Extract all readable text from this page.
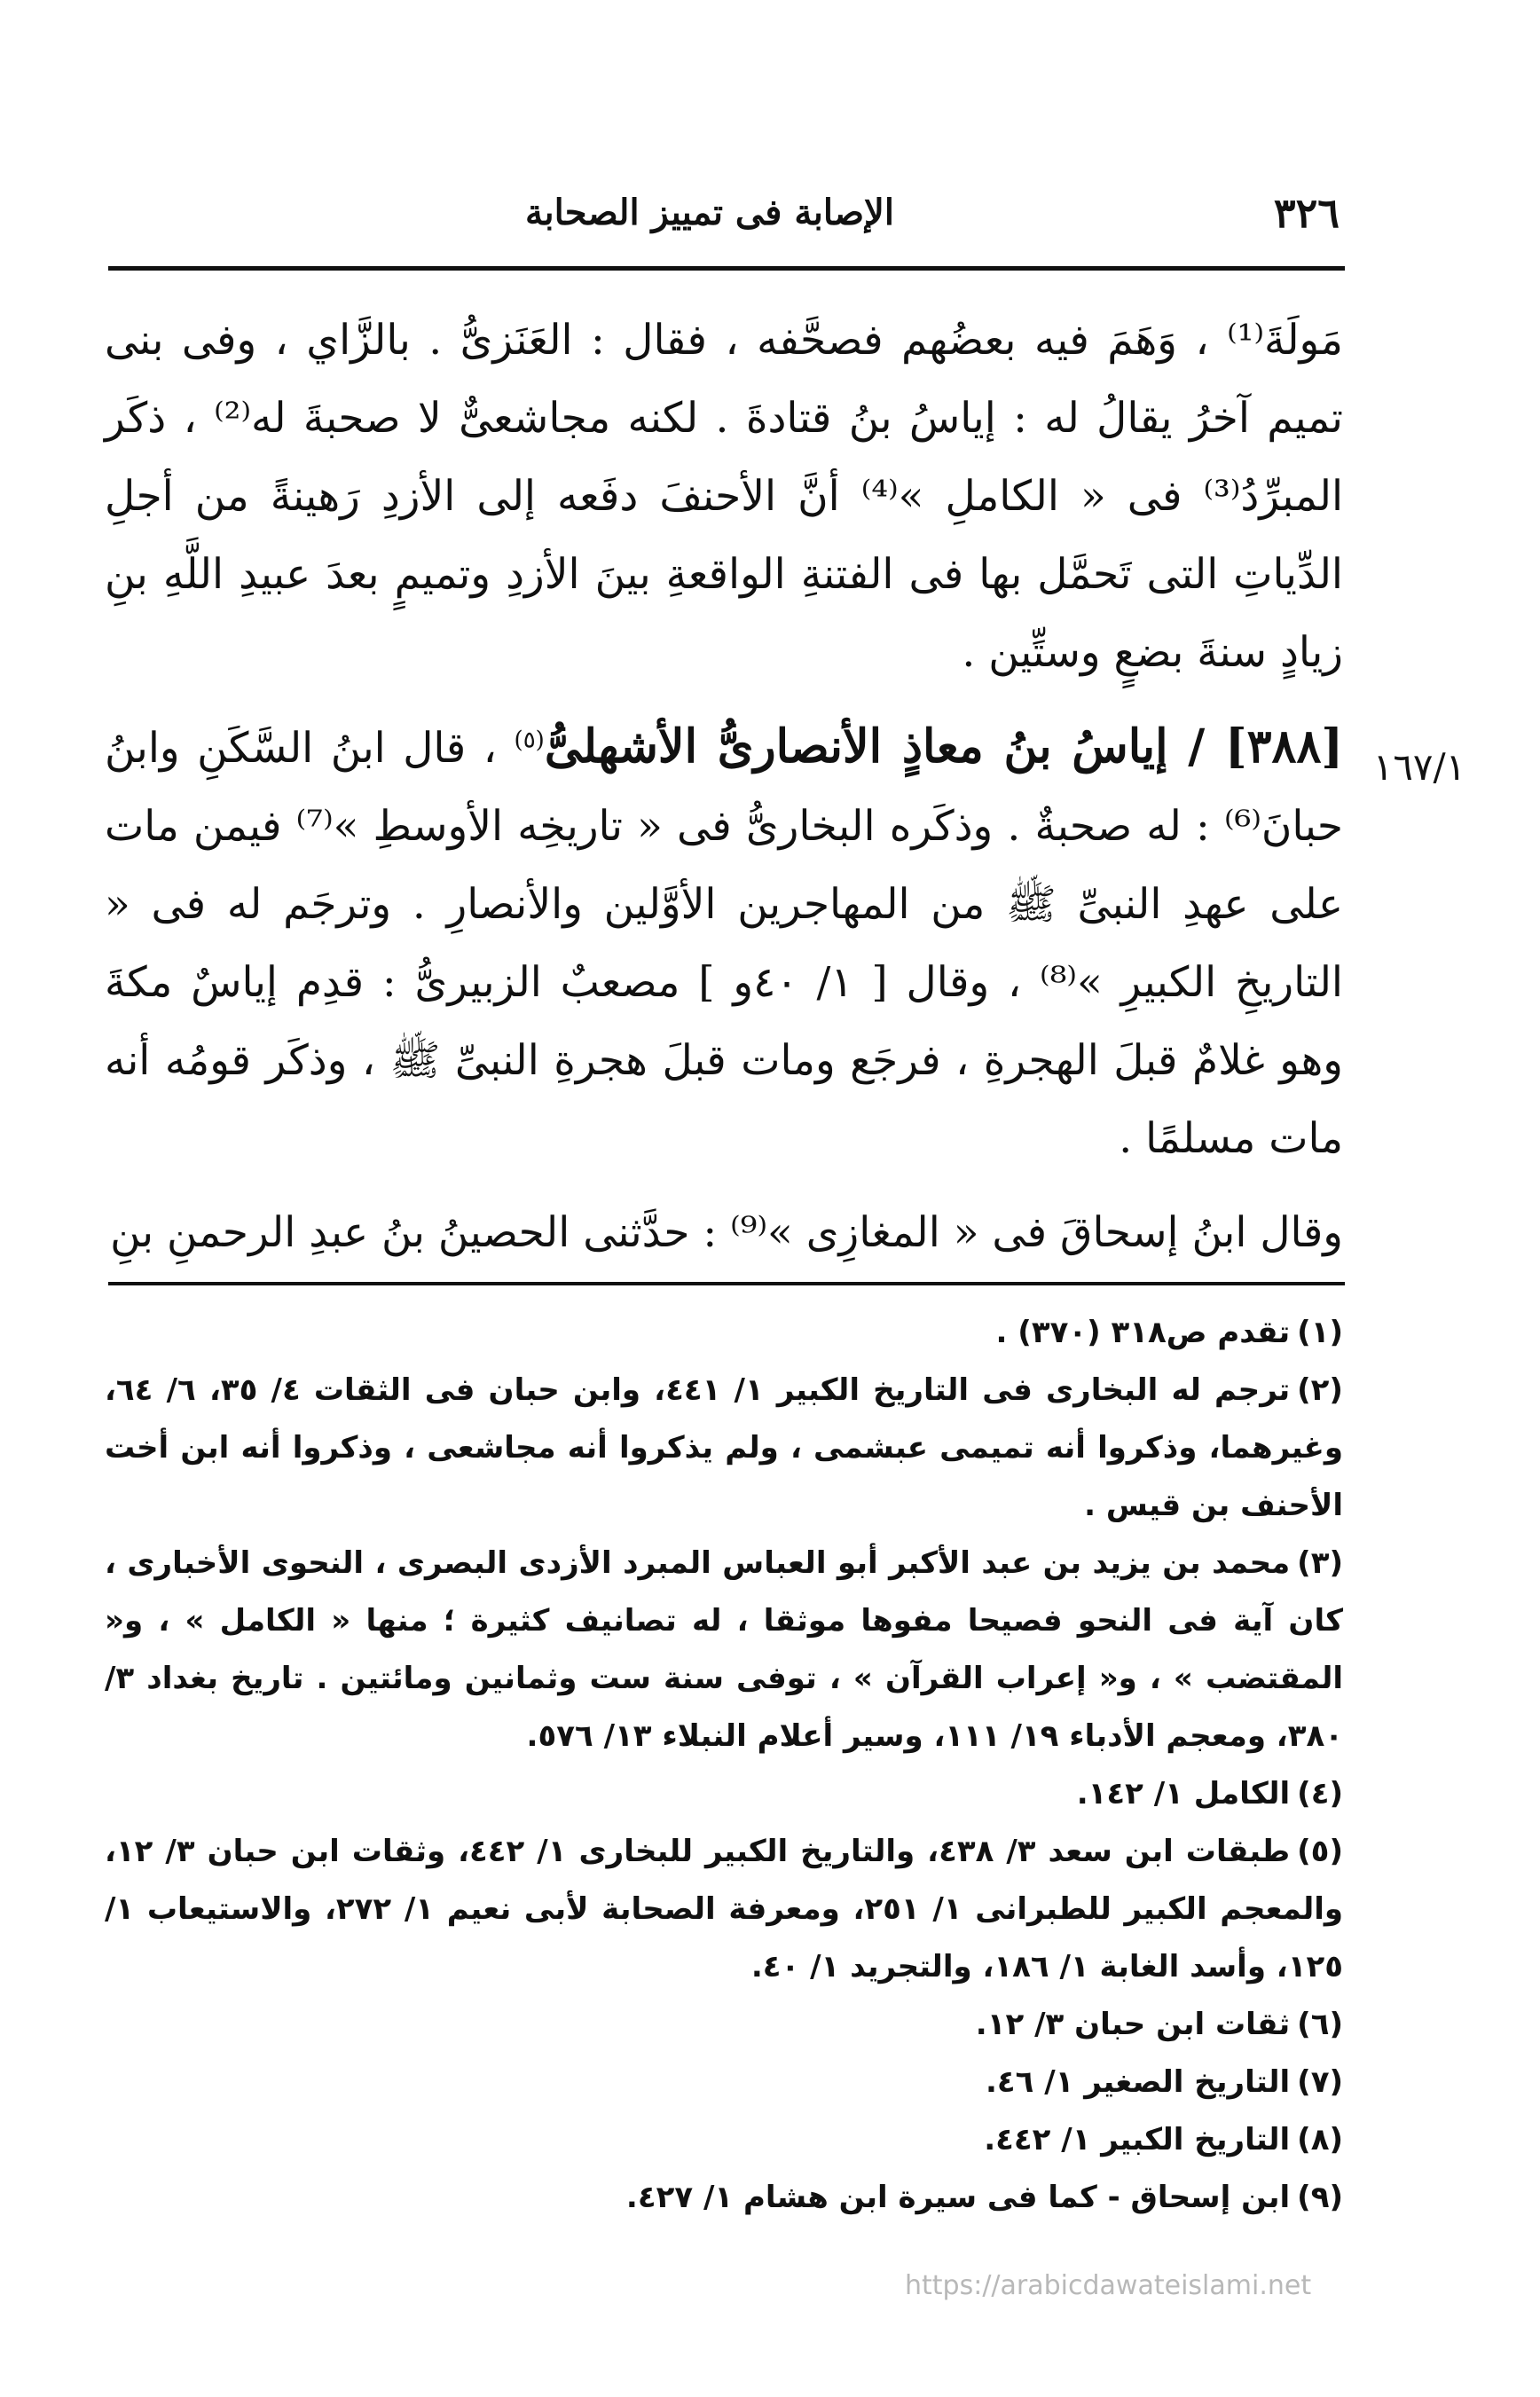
٣٢٦
الإصابة فى تمييز الصحابة
١٦٧/١

مَولَةَ⁽¹⁾ ، وَهَمَ فيه بعضُهم فصحَّفه ، فقال : العَنَزىُّ . بالزَّاي ، وفى بنى تميم آخرُ يقالُ له : إياسُ بنُ قتادةَ . لكنه مجاشعىٌّ لا صحبةَ له⁽²⁾ ، ذكَر المبرِّدُ⁽³⁾ فى « الكاملِ »⁽⁴⁾ أنَّ الأحنفَ دفَعه إلى الأزدِ رَهينةً من أجلِ الدِّياتِ التى تَحمَّل بها فى الفتنةِ الواقعةِ بينَ الأزدِ وتميمٍ بعدَ عبيدِ اللَّهِ بنِ زيادٍ سنةَ بضعٍ وستِّين .

[٣٨٨] / إياسُ بنُ معاذٍ الأنصارىُّ الأشهلىُّ$^{(٥)}$ ، قال ابنُ السَّكَنِ وابنُ حبانَ⁽⁶⁾ : له صحبةٌ . وذكَره البخارىُّ فى « تاريخِه الأوسطِ »⁽⁷⁾ فيمن مات على عهدِ النبىِّ ﷺ من المهاجرين الأوَّلين والأنصارِ . وترجَم له فى « التاريخِ الكبيرِ »⁽⁸⁾ ، وقال [ ١/ ٤٠و ] مصعبٌ الزبيرىُّ : قدِم إياسٌ مكةَ وهو غلامٌ قبلَ الهجرةِ ، فرجَع ومات قبلَ هجرةِ النبىِّ ﷺ ، وذكَر قومُه أنه مات مسلمًا .

وقال ابنُ إسحاقَ فى « المغازِى »⁽⁹⁾ : حدَّثنى الحصينُ بنُ عبدِ الرحمنِ بنِ

(١)تقدم ص٣١٨ (٣٧٠) .

(٢)ترجم له البخارى فى التاريخ الكبير ١/ ٤٤١، وابن حبان فى الثقات ٤/ ٣٥، ٦/ ٦٤، وغيرهما، وذكروا أنه تميمى عبشمى ، ولم يذكروا أنه مجاشعى ، وذكروا أنه ابن أخت الأحنف بن قيس .

(٣)محمد بن يزيد بن عبد الأكبر أبو العباس المبرد الأزدى البصرى ، النحوى الأخبارى ، كان آية فى النحو فصيحا مفوها موثقا ، له تصانيف كثيرة ؛ منها « الكامل » ، و« المقتضب » ، و« إعراب القرآن » ، توفى سنة ست وثمانين ومائتين . تاريخ بغداد ٣/ ٣٨٠، ومعجم الأدباء ١٩/ ١١١، وسير أعلام النبلاء ١٣/ ٥٧٦.

(٤)الكامل ١/ ١٤٢.

(٥)طبقات ابن سعد ٣/ ٤٣٨، والتاريخ الكبير للبخارى ١/ ٤٤٢، وثقات ابن حبان ٣/ ١٢، والمعجم الكبير للطبرانى ١/ ٢٥١، ومعرفة الصحابة لأبى نعيم ١/ ٢٧٢، والاستيعاب ١/ ١٢٥، وأسد الغابة ١/ ١٨٦، والتجريد ١/ ٤٠.

(٦)ثقات ابن حبان ٣/ ١٢.

(٧)التاريخ الصغير ١/ ٤٦.

(٨)التاريخ الكبير ١/ ٤٤٢.

(٩)ابن إسحاق - كما فى سيرة ابن هشام ١/ ٤٢٧.

https://arabicdawateislami.net
